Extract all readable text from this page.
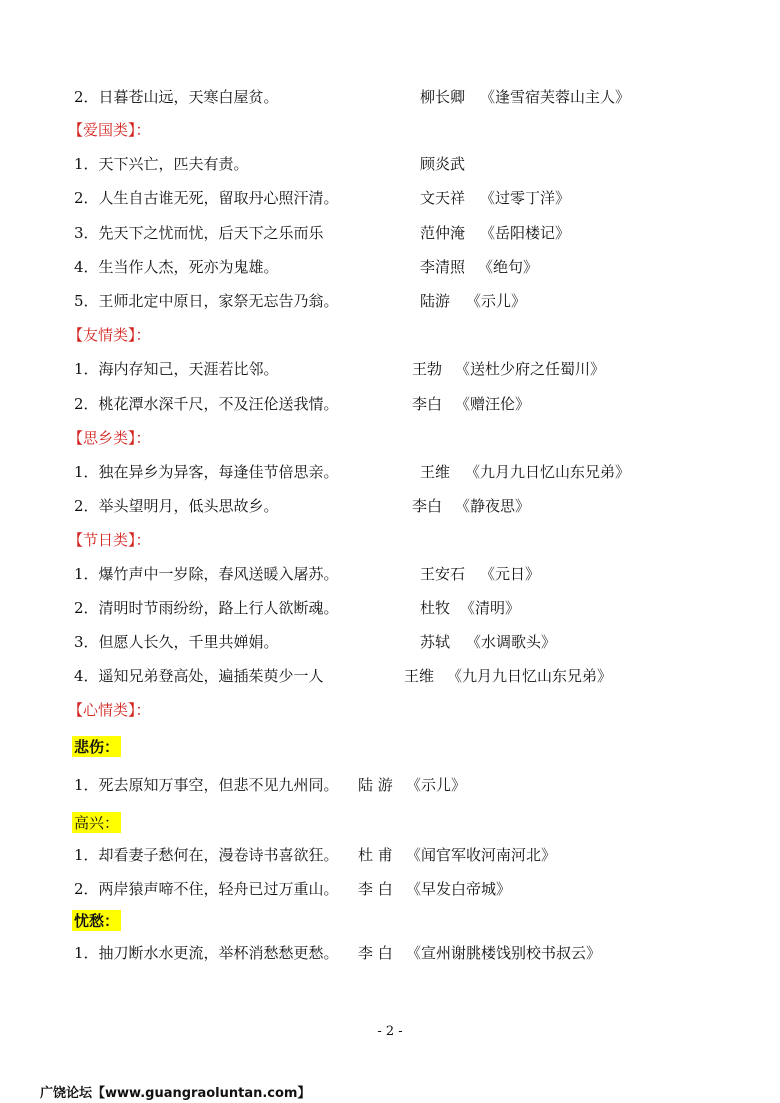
2．日暮苍山远，天寒白屋贫。	柳长卿 《逢雪宿芙蓉山主人》
【爱国类】：
1．天下兴亡，匹夫有责。	顾炎武
2．人生自古谁无死，留取丹心照汗清。	文天祥 《过零丁洋》
3．先天下之忧而忧，后天下之乐而乐	范仲淹 《岳阳楼记》
4．生当作人杰，死亦为鬼雄。	李清照 《绝句》
5．王师北定中原日，家祭无忘告乃翁。	陆游 《示儿》
【友情类】：
1．海内存知己，天涯若比邻。	王勃 《送杜少府之任蜀川》
2．桃花潭水深千尺，不及汪伦送我情。	李白 《赠汪伦》
【思乡类】：
1．独在异乡为异客，每逢佳节倍思亲。	王维 《九月九日忆山东兄弟》
2．举头望明月，低头思故乡。	李白 《静夜思》
【节日类】：
1．爆竹声中一岁除，春风送暖入屠苏。	王安石 《元日》
2．清明时节雨纷纷，路上行人欲断魂。	杜牧 《清明》
3．但愿人长久，千里共婵娟。	苏轼 《水调歌头》
4．遥知兄弟登高处，遍插茱萸少一人	王维 《九月九日忆山东兄弟》
【心情类】：
悲伤：
1．死去原知万事空，但悲不见九州同。 陆 游 《示儿》
高兴：
1．却看妻子愁何在，漫卷诗书喜欲狂。 杜 甫 《闻官军收河南河北》
2．两岸猿声啼不住，轻舟已过万重山。 李 白 《早发白帝城》
忧愁：
1．抽刀断水水更流，举杯消愁愁更愁。 李 白 《宣州谢朓楼饯别校书叔云》
- 2 -
广饶论坛【www.guangraoluntan.com】
